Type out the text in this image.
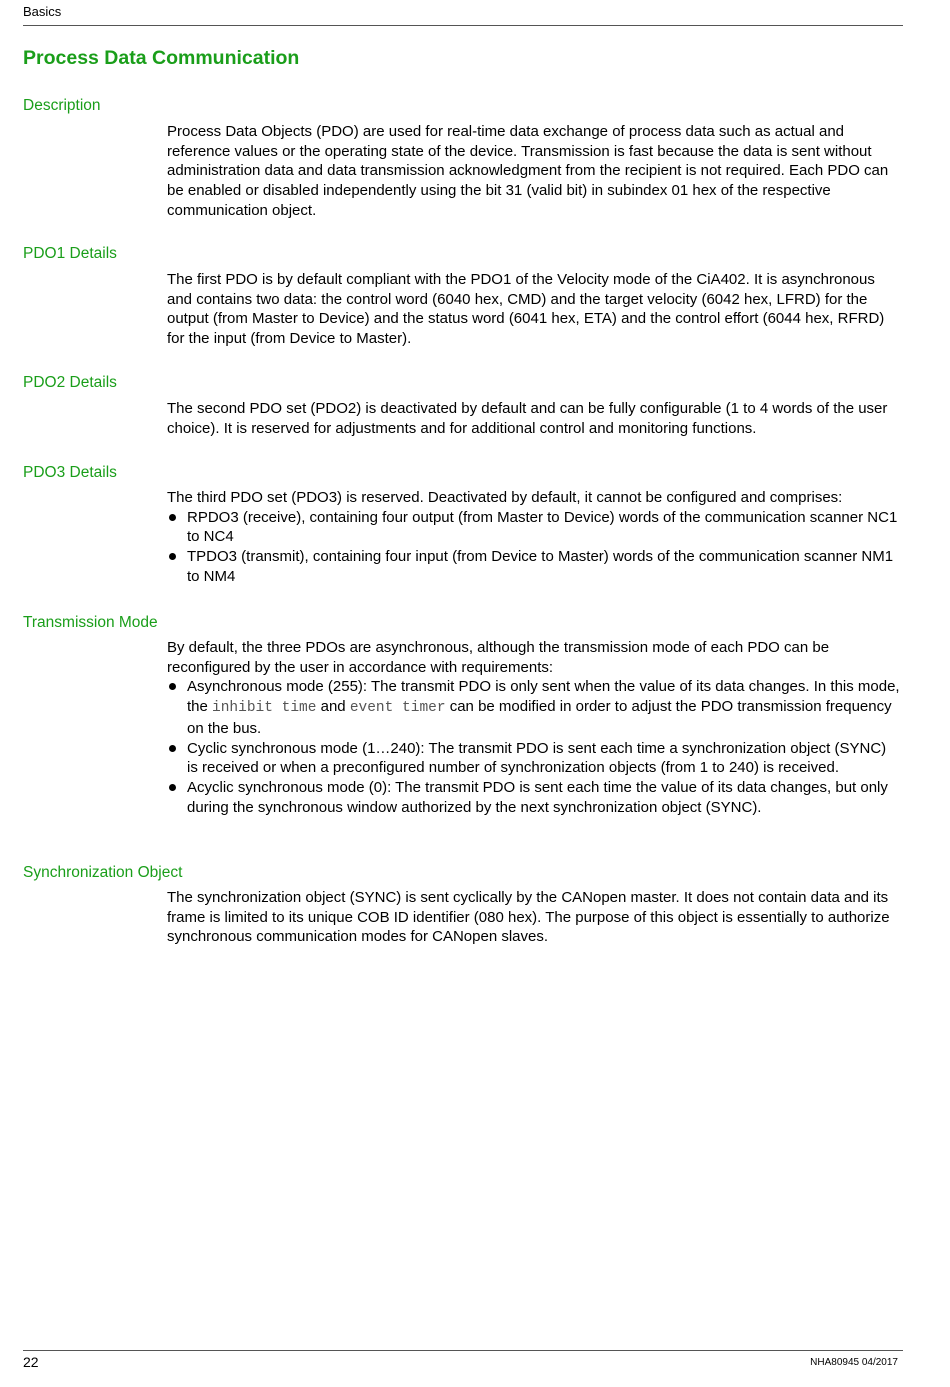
Basics
Process Data Communication
Description

Process Data Objects (PDO) are used for real-time data exchange of process data such as actual and reference values or the operating state of the device. Transmission is fast because the data is sent without administration data and data transmission acknowledgment from the recipient is not required. Each PDO can be enabled or disabled independently using the bit 31 (valid bit) in subindex 01 hex of the respective communication object.

PDO1 Details

The first PDO is by default compliant with the PDO1 of the Velocity mode of the CiA402. It is asynchronous and contains two data: the control word (6040 hex, CMD) and the target velocity (6042 hex, LFRD) for the output (from Master to Device) and the status word (6041 hex, ETA) and the control effort (6044 hex, RFRD) for the input (from Device to Master).

PDO2 Details

The second PDO set (PDO2) is deactivated by default and can be fully configurable (1 to 4 words of the user choice). It is reserved for adjustments and for additional control and monitoring functions.

PDO3 Details

The third PDO set (PDO3) is reserved. Deactivated by default, it cannot be configured and comprises:

RPDO3 (receive), containing four output (from Master to Device) words of the communication scanner NC1 to NC4
TPDO3 (transmit), containing four input (from Device to Master) words of the communication scanner NM1 to NM4
Transmission Mode

By default, the three PDOs are asynchronous, although the transmission mode of each PDO can be reconfigured by the user in accordance with requirements:

Asynchronous mode (255): The transmit PDO is only sent when the value of its data changes. In this mode, the inhibit time and event timer can be modified in order to adjust the PDO transmission frequency on the bus.
Cyclic synchronous mode (1…240): The transmit PDO is sent each time a synchronization object (SYNC) is received or when a preconfigured number of synchronization objects (from 1 to 240) is received.
Acyclic synchronous mode (0): The transmit PDO is sent each time the value of its data changes, but only during the synchronous window authorized by the next synchronization object (SYNC).
Synchronization Object

The synchronization object (SYNC) is sent cyclically by the CANopen master. It does not contain data and its frame is limited to its unique COB ID identifier (080 hex). The purpose of this object is essentially to authorize synchronous communication modes for CANopen slaves.

22	NHA80945 04/2017
